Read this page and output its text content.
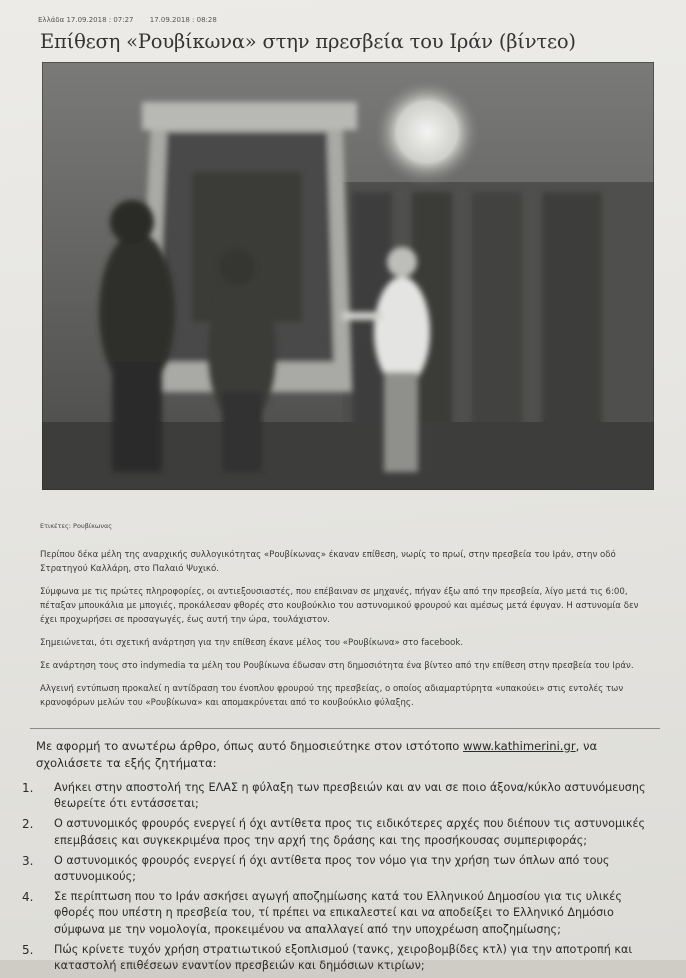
Ελλάδα 17.09.2018 : 07:27 17.09.2018 : 08:28
Επίθεση «Ρουβίκωνα» στην πρεσβεία του Ιράν (βίντεο)
Ετικέτες: Ρουβίκωνας

Περίπου δέκα μέλη της αναρχικής συλλογικότητας «Ρουβίκωνας» έκαναν επίθεση, νωρίς το πρωί, στην πρεσβεία του Ιράν, στην οδό Στρατηγού Καλλάρη, στο Παλαιό Ψυχικό.

Σύμφωνα με τις πρώτες πληροφορίες, οι αντιεξουσιαστές, που επέβαιναν σε μηχανές, πήγαν έξω από την πρεσβεία, λίγο μετά τις 6:00, πέταξαν μπουκάλια με μπογιές, προκάλεσαν φθορές στο κουβούκλιο του αστυνομικού φρουρού και αμέσως μετά έφυγαν. Η αστυνομία δεν έχει προχωρήσει σε προσαγωγές, έως αυτή την ώρα, τουλάχιστον.

Σημειώνεται, ότι σχετική ανάρτηση για την επίθεση έκανε μέλος του «Ρουβίκωνα» στο facebook.

Σε ανάρτηση τους στο indymedia τα μέλη του Ρουβίκωνα έδωσαν στη δημοσιότητα ένα βίντεο από την επίθεση στην πρεσβεία του Ιράν.

Αλγεινή εντύπωση προκαλεί η αντίδραση του ένοπλου φρουρού της πρεσβείας, ο οποίος αδιαμαρτύρητα «υπακούει» στις εντολές των κρανοφόρων μελών του «Ρουβίκωνα» και απομακρύνεται από το κουβούκλιο φύλαξης.

Με αφορμή το ανωτέρω άρθρο, όπως αυτό δημοσιεύτηκε στον ιστότοπο www.kathimerini.gr, να σχολιάσετε τα εξής ζητήματα:
1.	Ανήκει στην αποστολή της ΕΛΑΣ η φύλαξη των πρεσβειών και αν ναι σε ποιο άξονα/κύκλο αστυνόμευσης θεωρείτε ότι εντάσσεται;
2.	Ο αστυνομικός φρουρός ενεργεί ή όχι αντίθετα προς τις ειδικότερες αρχές που διέπουν τις αστυνομικές επεμβάσεις και συγκεκριμένα προς την αρχή της δράσης και της προσήκουσας συμπεριφοράς;
3.	Ο αστυνομικός φρουρός ενεργεί ή όχι αντίθετα προς τον νόμο για την χρήση των όπλων από τους αστυνομικούς;
4.	Σε περίπτωση που το Ιράν ασκήσει αγωγή αποζημίωσης κατά του Ελληνικού Δημοσίου για τις υλικές φθορές που υπέστη η πρεσβεία του, τί πρέπει να επικαλεστεί και να αποδείξει το Ελληνικό Δημόσιο σύμφωνα με την νομολογία, προκειμένου να απαλλαγεί από την υποχρέωση αποζημίωσης;
5.	Πώς κρίνετε τυχόν χρήση στρατιωτικού εξοπλισμού (τανκς, χειροβομβίδες κτλ) για την αποτροπή και καταστολή επιθέσεων εναντίον πρεσβειών και δημόσιων κτιρίων;
